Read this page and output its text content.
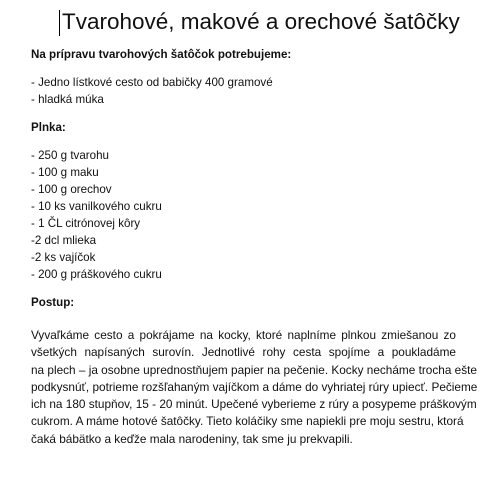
Tvarohové, makové a orechové šatôčky
Na prípravu tvarohových šatôčok potrebujeme:
- Jedno lístkové cesto od babičky 400 gramové
- hladká múka
Plnka:
- 250 g tvarohu
- 100 g maku
- 100 g orechov
- 10 ks vanilkového cukru
- 1 ČL citrónovej kôry
-2 dcl mlieka
-2 ks vajíčok
- 200 g práškového cukru
Postup:
Vyvaľkáme cesto a pokrájame na kocky, ktoré naplníme plnkou zmiešanou zo
všetkých napísaných surovín. Jednotlivé rohy cesta spojíme a poukladáme
na plech – ja osobne uprednostňujem papier na pečenie. Kocky necháme trocha ešte
podkysnúť, potrieme rozšľahaným vajíčkom a dáme do vyhriatej rúry upiecť. Pečieme
ich na 180 stupňov, 15 - 20 minút. Upečené vyberieme z rúry a posypeme práškovým
cukrom. A máme hotové šatôčky. Tieto koláčiky sme napiekli pre moju sestru, ktorá
čaká bábätko a keďže mala narodeniny, tak sme ju prekvapili.
